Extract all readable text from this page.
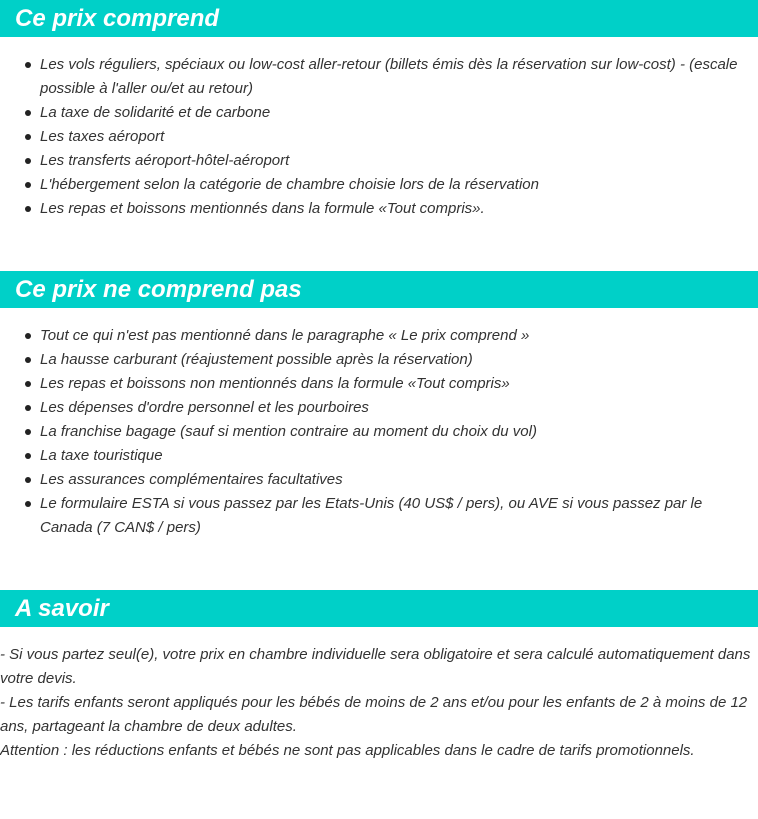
Ce prix comprend
Les vols réguliers, spéciaux ou low-cost aller-retour (billets émis dès la réservation sur low-cost) - (escale possible à l'aller ou/et au retour)
La taxe de solidarité et de carbone
Les taxes aéroport
Les transferts aéroport-hôtel-aéroport
L'hébergement selon la catégorie de chambre choisie lors de la réservation
Les repas et boissons mentionnés dans la formule «Tout compris».
Ce prix ne comprend pas
Tout ce qui n'est pas mentionné dans le paragraphe « Le prix comprend »
La hausse carburant (réajustement possible après la réservation)
Les repas et boissons non mentionnés dans la formule «Tout compris»
Les dépenses d'ordre personnel et les pourboires
La franchise bagage (sauf si mention contraire au moment du choix du vol)
La taxe touristique
Les assurances complémentaires facultatives
Le formulaire ESTA si vous passez par les Etats-Unis (40 US$ / pers), ou AVE si vous passez par le Canada (7 CAN$ / pers)
A savoir
- Si vous partez seul(e), votre prix en chambre individuelle sera obligatoire et sera calculé automatiquement dans votre devis.
- Les tarifs enfants seront appliqués pour les bébés de moins de 2 ans et/ou pour les enfants de 2 à moins de 12 ans, partageant la chambre de deux adultes.
Attention : les réductions enfants et bébés ne sont pas applicables dans le cadre de tarifs promotionnels.
